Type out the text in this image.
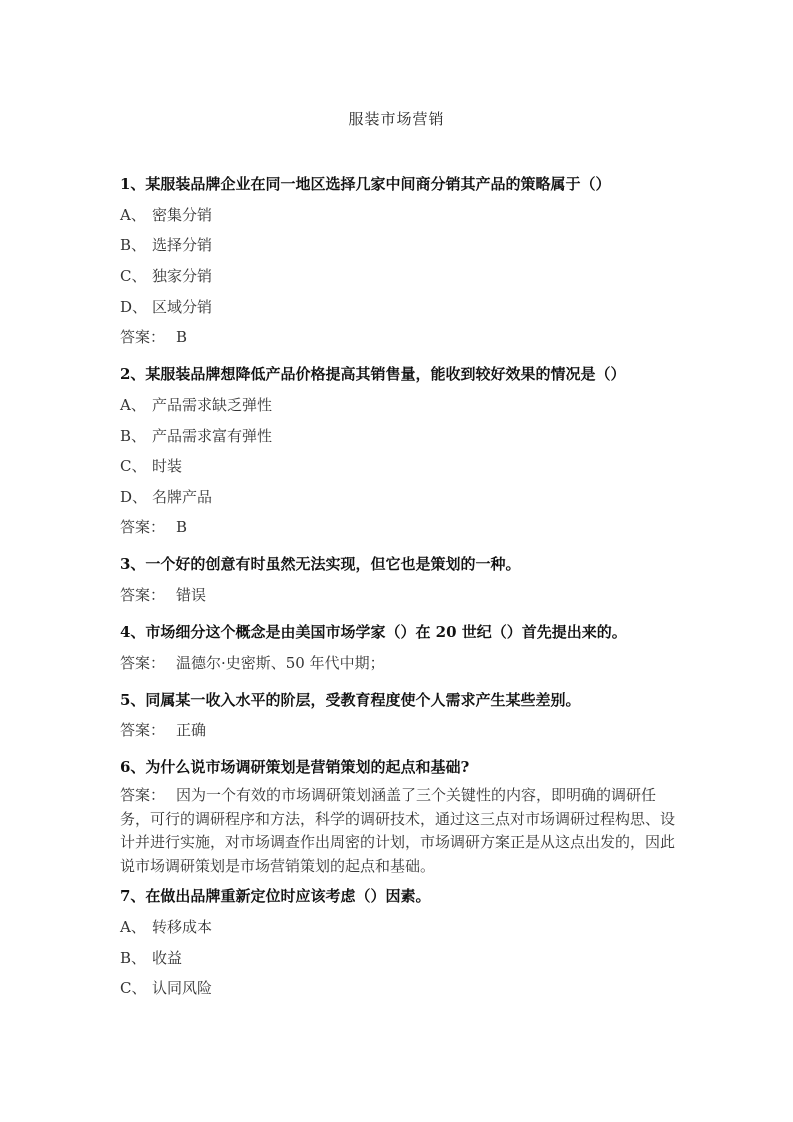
服装市场营销
1、某服装品牌企业在同一地区选择几家中间商分销其产品的策略属于（）
A、 密集分销
B、 选择分销
C、 独家分销
D、 区域分销
答案： B
2、某服装品牌想降低产品价格提高其销售量，能收到较好效果的情况是（）
A、 产品需求缺乏弹性
B、 产品需求富有弹性
C、 时装
D、 名牌产品
答案： B
3、一个好的创意有时虽然无法实现，但它也是策划的一种。
答案： 错误
4、市场细分这个概念是由美国市场学家（）在 20 世纪（）首先提出来的。
答案： 温德尔·史密斯、50 年代中期；
5、同属某一收入水平的阶层，受教育程度使个人需求产生某些差别。
答案： 正确
6、为什么说市场调研策划是营销策划的起点和基础?
答案： 因为一个有效的市场调研策划涵盖了三个关键性的内容，即明确的调研任务，可行的调研程序和方法，科学的调研技术，通过这三点对市场调研过程构思、设计并进行实施，对市场调查作出周密的计划，市场调研方案正是从这点出发的，因此说市场调研策划是市场营销策划的起点和基础。
7、在做出品牌重新定位时应该考虑（）因素。
A、 转移成本
B、 收益
C、 认同风险
